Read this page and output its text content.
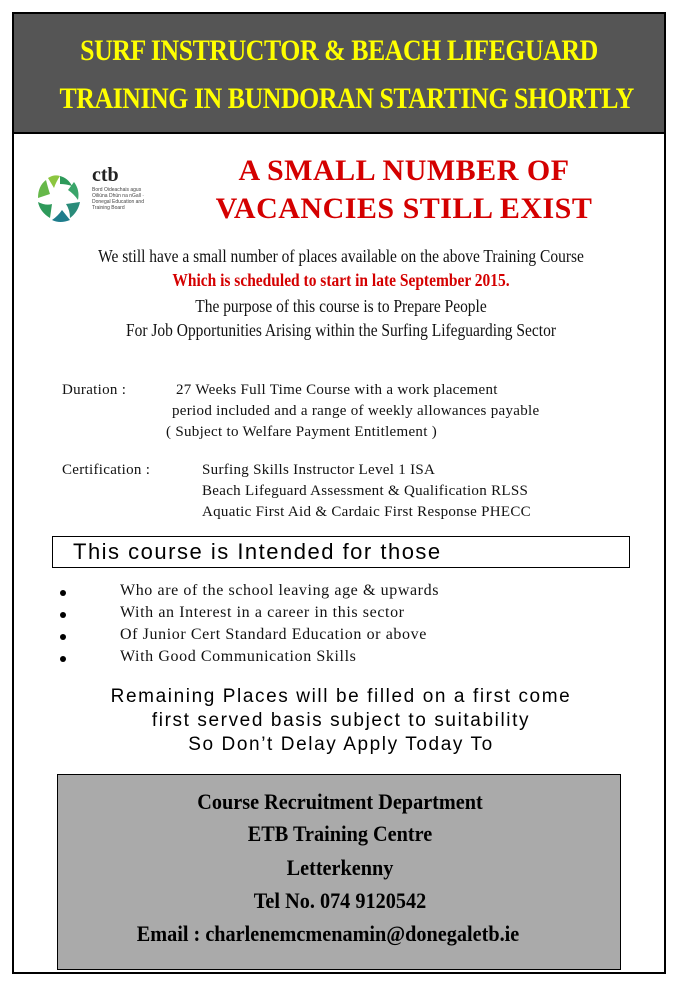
SURF INSTRUCTOR & BEACH LIFEGUARD
TRAINING IN BUNDORAN STARTING SHORTLY
ctb
Bord Oideachais agus Oiliúna Dhún na nGall · Donegal Education and Training Board
A SMALL NUMBER OF
VACANCIES STILL EXIST
We still have a small number of places available on the above Training Course
Which is scheduled to start in late September 2015.
The purpose of this course is to Prepare People
For Job Opportunities Arising within the Surfing Lifeguarding Sector
Duration :	27 Weeks Full Time Course with a work placement
period included and a range of weekly allowances payable
( Subject to Welfare Payment Entitlement )
Certification :	Surfing Skills Instructor Level 1 ISA
Beach Lifeguard Assessment & Qualification RLSS
Aquatic First Aid & Cardaic First Response PHECC
This course is Intended for those
Who are of the school leaving age & upwards
With an Interest in a career in this sector
Of Junior Cert Standard Education or above
With Good Communication Skills
Remaining Places will be filled on a first come
first served basis subject to suitability
So Don’t Delay Apply Today To
Course Recruitment Department
ETB Training Centre
Letterkenny
Tel No. 074 9120542
Email : charlenemcmenamin@donegaletb.ie
